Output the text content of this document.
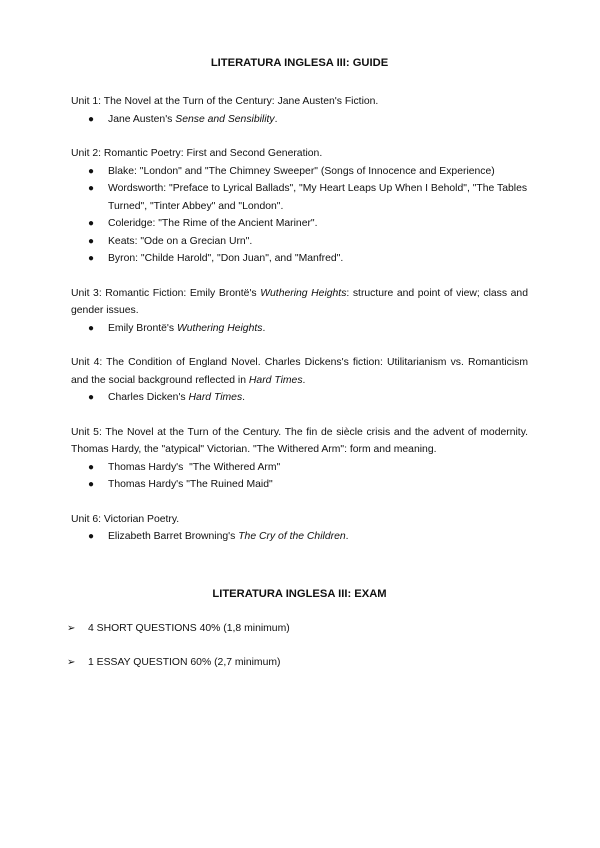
LITERATURA INGLESA III: GUIDE

Unit 1: The Novel at the Turn of the Century: Jane Austen's Fiction.

● Jane Austen's Sense and Sensibility.

Unit 2: Romantic Poetry: First and Second Generation.

● Blake: "London" and "The Chimney Sweeper" (Songs of Innocence and Experience)
● Wordsworth: "Preface to Lyrical Ballads", "My Heart Leaps Up When I Behold", "The Tables Turned", "Tinter Abbey" and "London".
● Coleridge: "The Rime of the Ancient Mariner".
● Keats: "Ode on a Grecian Urn".
● Byron: "Childe Harold", "Don Juan", and "Manfred".

Unit 3: Romantic Fiction: Emily Brontë's Wuthering Heights: structure and point of view; class and gender issues.

● Emily Brontë's Wuthering Heights.

Unit 4: The Condition of England Novel. Charles Dickens's fiction: Utilitarianism vs. Romanticism and the social background reflected in Hard Times.

● Charles Dicken's Hard Times.

Unit 5: The Novel at the Turn of the Century. The fin de siècle crisis and the advent of modernity. Thomas Hardy, the "atypical" Victorian. "The Withered Arm": form and meaning.

● Thomas Hardy's  "The Withered Arm"
● Thomas Hardy's "The Ruined Maid"

Unit 6: Victorian Poetry.

● Elizabeth Barret Browning's The Cry of the Children.
LITERATURA INGLESA III: EXAM
➢ 4 SHORT QUESTIONS 40% (1,8 minimum)
➢ 1 ESSAY QUESTION 60% (2,7 minimum)
